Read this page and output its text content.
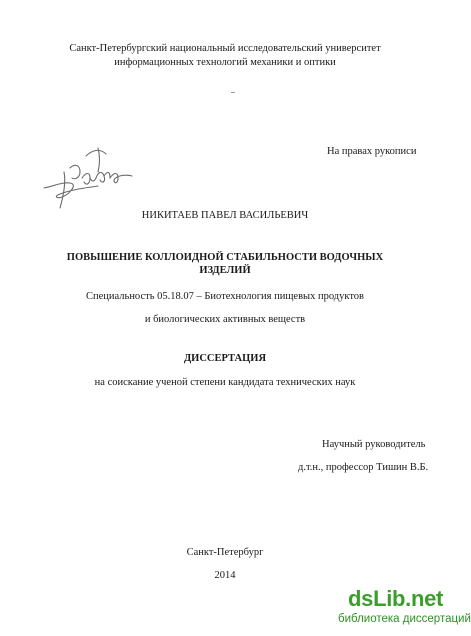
Санкт-Петербургский национальный исследовательский университет
информационных технологий механики и оптики
На правах рукописи
НИКИТАЕВ ПАВЕЛ ВАСИЛЬЕВИЧ
ПОВЫШЕНИЕ КОЛЛОИДНОЙ СТАБИЛЬНОСТИ ВОДОЧНЫХ
ИЗДЕЛИЙ
Специальность 05.18.07 – Биотехнология пищевых продуктов
и биологических активных веществ
ДИССЕРТАЦИЯ
на соискание ученой степени кандидата технических наук
Научный руководитель
д.т.н., профессор Тишин В.Б.
Санкт-Петербург
2014
dsLib.net
библиотека диссертаций
